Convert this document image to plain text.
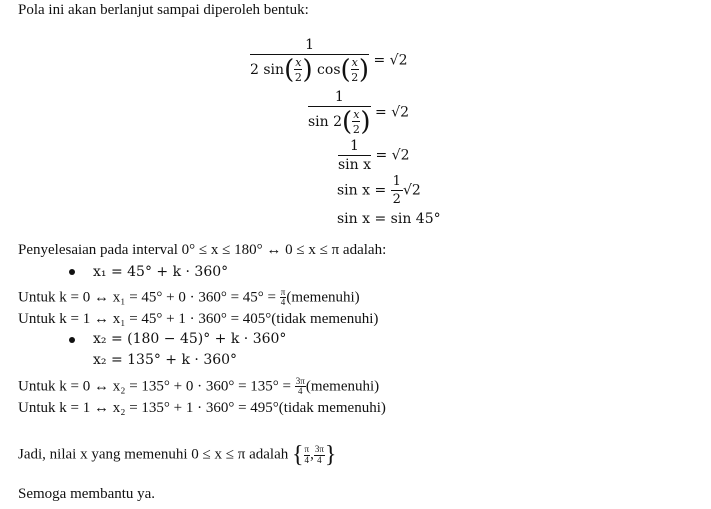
Pola ini akan berlanjut sampai diperoleh bentuk:
$\frac{1}{2 \sin( \frac{x}{2} ) \cos( \frac{x}{2} )} = √2$
$\frac{1}{\sin 2( \frac{x}{2} )} = √2$
$\frac{1}{\text{sin x}} = √2$
$\sin x = \frac{1}{2} √2$
sin x = sin 45°
Penyelesaian pada interval 0° ≤ x ≤ 180° ↔ 0 ≤ x ≤ π adalah:
x₁ = 45° + k · 360°
Untuk k = 0 ↔ $x_1 = 45^\circ + 0 \cdot 360^\circ = 45^\circ = \frac{\pi}{4}$ (memenuhi)
Untuk k = 1 ↔ x₁ = 45° + 1 · 360° = 405°(tidak memenuhi)
x₂ = (180 − 45)° + k · 360°
x₂ = 135° + k · 360°
Untuk k = 0 ↔ $x_2 = 135^\circ + 0 \cdot 360^\circ = 135^\circ = \frac{3\pi}{4}$ (memenuhi)
Untuk k = 1 ↔ x₂ = 135° + 1 · 360° = 495°(tidak memenuhi)
Jadi, nilai x yang memenuhi 0 ≤ x ≤ π adalah { $\frac{\pi}{4}$ , $\frac{3\pi}{4}$ }
Semoga membantu ya.
